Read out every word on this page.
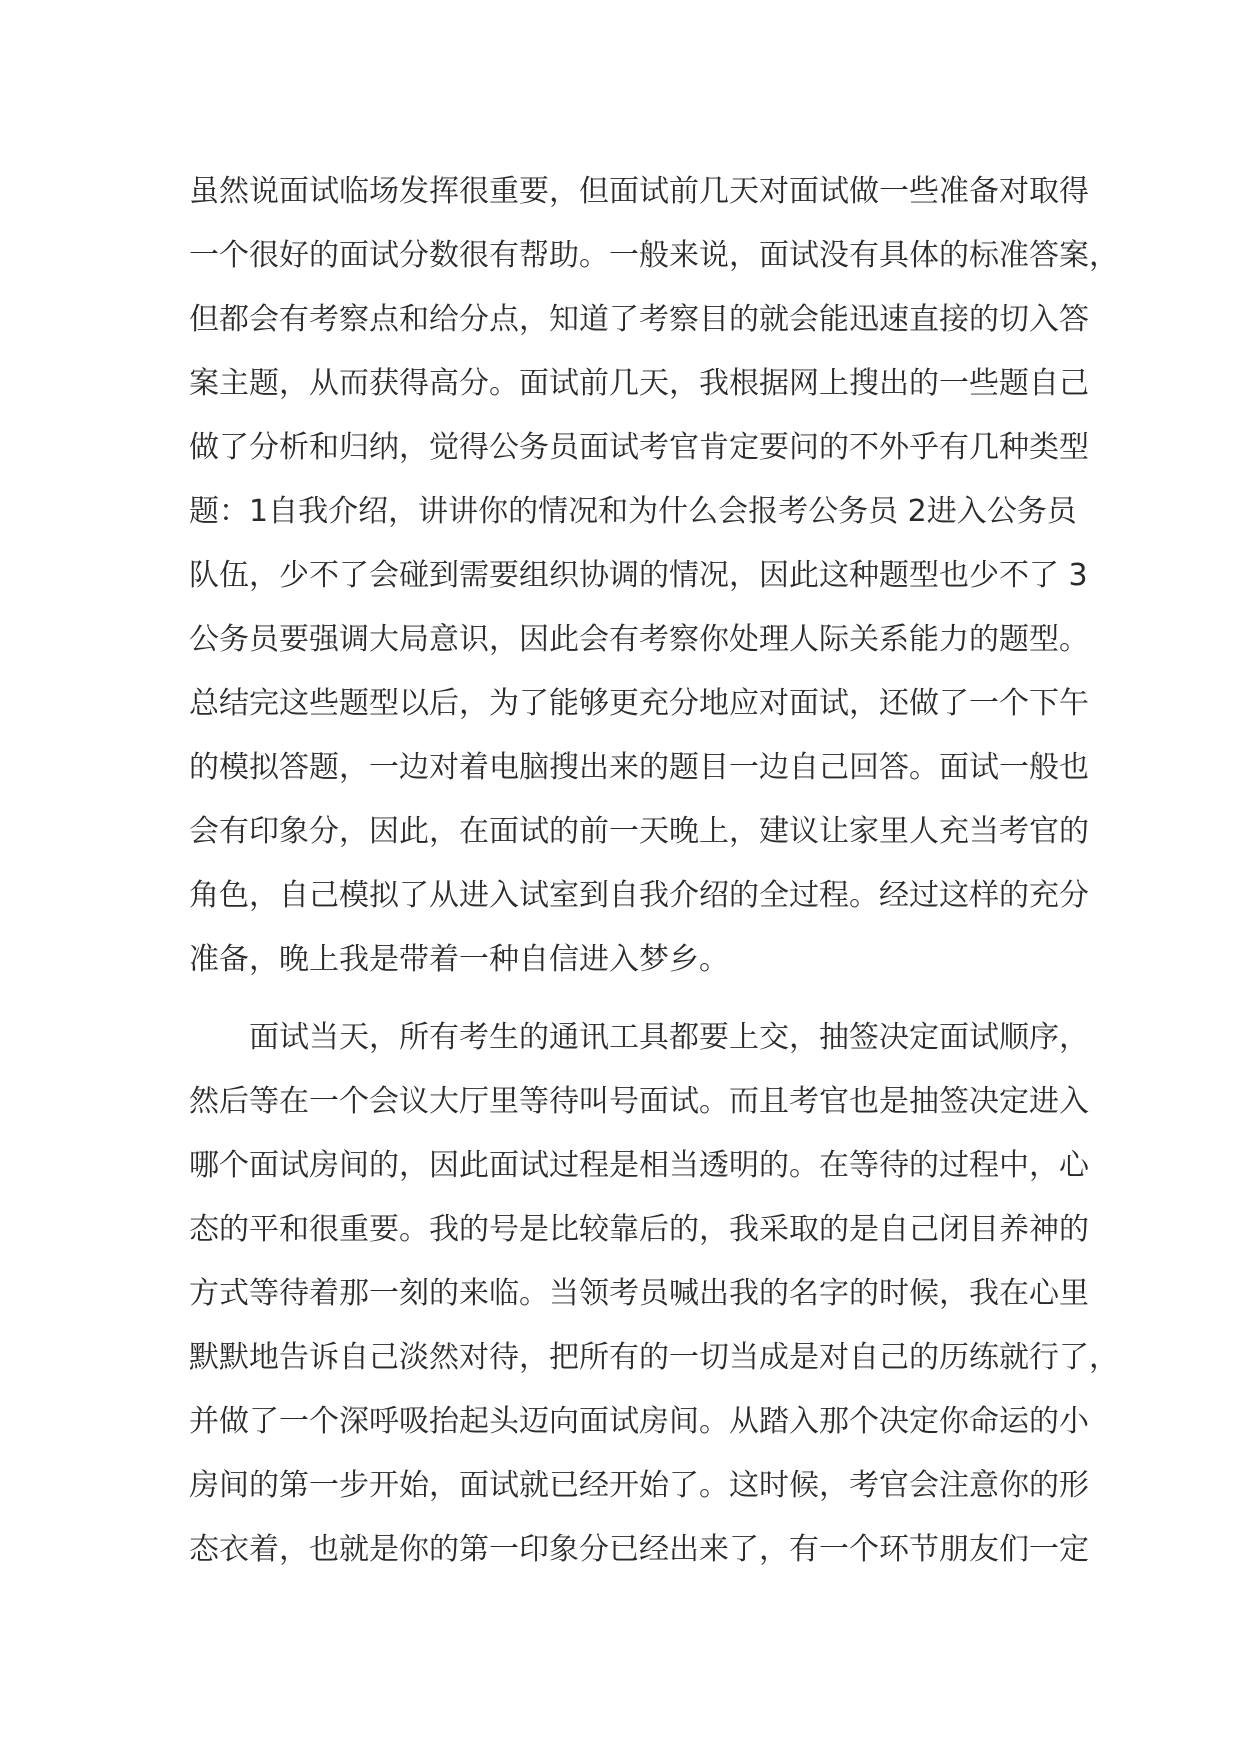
虽然说面试临场发挥很重要，但面试前几天对面试做一些准备对取得
一个很好的面试分数很有帮助。一般来说，面试没有具体的标准答案，
但都会有考察点和给分点，知道了考察目的就会能迅速直接的切入答
案主题，从而获得高分。面试前几天，我根据网上搜出的一些题自己
做了分析和归纳，觉得公务员面试考官肯定要问的不外乎有几种类型
题：1自我介绍，讲讲你的情况和为什么会报考公务员 2进入公务员
队伍，少不了会碰到需要组织协调的情况，因此这种题型也少不了 3
公务员要强调大局意识，因此会有考察你处理人际关系能力的题型。
总结完这些题型以后，为了能够更充分地应对面试，还做了一个下午
的模拟答题，一边对着电脑搜出来的题目一边自己回答。面试一般也
会有印象分，因此，在面试的前一天晚上，建议让家里人充当考官的
角色，自己模拟了从进入试室到自我介绍的全过程。经过这样的充分
准备，晚上我是带着一种自信进入梦乡。
　　面试当天，所有考生的通讯工具都要上交，抽签决定面试顺序，
然后等在一个会议大厅里等待叫号面试。而且考官也是抽签决定进入
哪个面试房间的，因此面试过程是相当透明的。在等待的过程中，心
态的平和很重要。我的号是比较靠后的，我采取的是自己闭目养神的
方式等待着那一刻的来临。当领考员喊出我的名字的时候，我在心里
默默地告诉自己淡然对待，把所有的一切当成是对自己的历练就行了，
并做了一个深呼吸抬起头迈向面试房间。从踏入那个决定你命运的小
房间的第一步开始，面试就已经开始了。这时候，考官会注意你的形
态衣着，也就是你的第一印象分已经出来了，有一个环节朋友们一定
